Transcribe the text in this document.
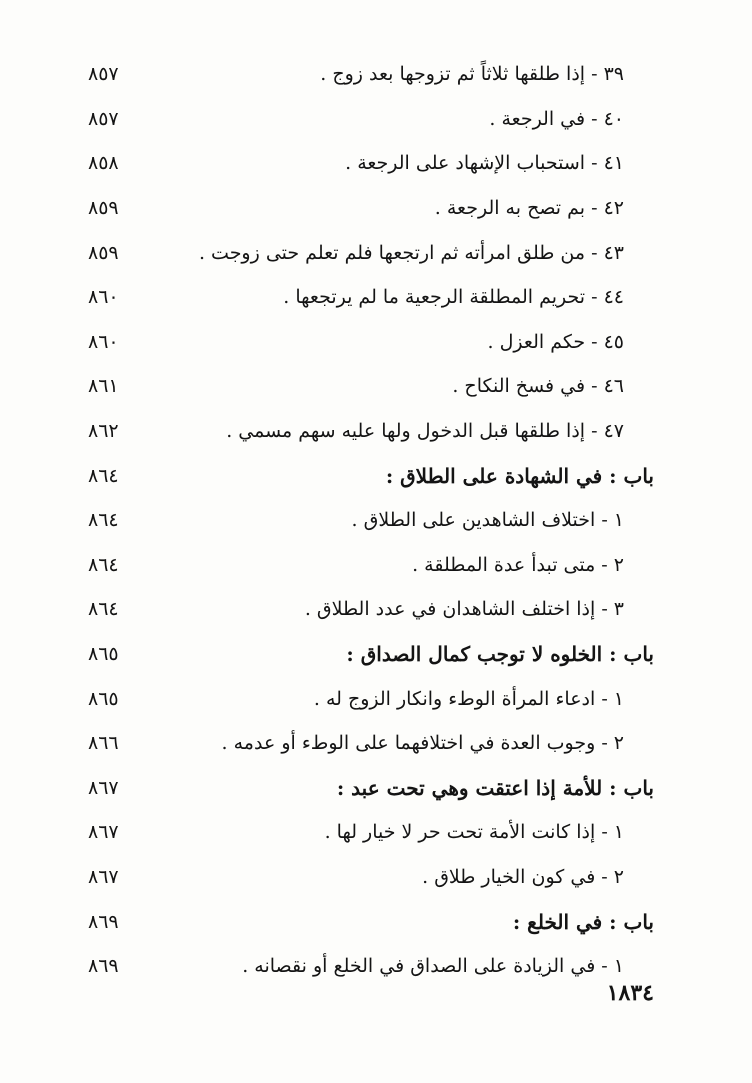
٣٩ - إذا طلقها ثلاثاً ثم تزوجها بعد زوج .
٨٥٧
٤٠ - في الرجعة .
٨٥٧
٤١ - استحباب الإشهاد على الرجعة .
٨٥٨
٤٢ - بم تصح به الرجعة .
٨٥٩
٤٣ - من طلق امرأته ثم ارتجعها فلم تعلم حتى زوجت .
٨٥٩
٤٤ - تحريم المطلقة الرجعية ما لم يرتجعها .
٨٦٠
٤٥ - حكم العزل .
٨٦٠
٤٦ - في فسخ النكاح .
٨٦١
٤٧ - إذا طلقها قبل الدخول ولها عليه سهم مسمي .
٨٦٢
باب : في الشهادة على الطلاق :
٨٦٤
١ - اختلاف الشاهدين على الطلاق .
٨٦٤
٢ - متى تبدأ عدة المطلقة .
٨٦٤
٣ - إذا اختلف الشاهدان في عدد الطلاق .
٨٦٤
باب : الخلوه لا توجب كمال الصداق :
٨٦٥
١ - ادعاء المرأة الوطء وانكار الزوج له .
٨٦٥
٢ - وجوب العدة في اختلافهما على الوطء أو عدمه .
٨٦٦
باب : للأمة إذا اعتقت وهي تحت عبد :
٨٦٧
١ - إذا كانت الأمة تحت حر لا خيار لها .
٨٦٧
٢ - في كون الخيار طلاق .
٨٦٧
باب : في الخلع :
٨٦٩
١ - في الزيادة على الصداق في الخلع أو نقصانه .
٨٦٩
١٨٣٤
